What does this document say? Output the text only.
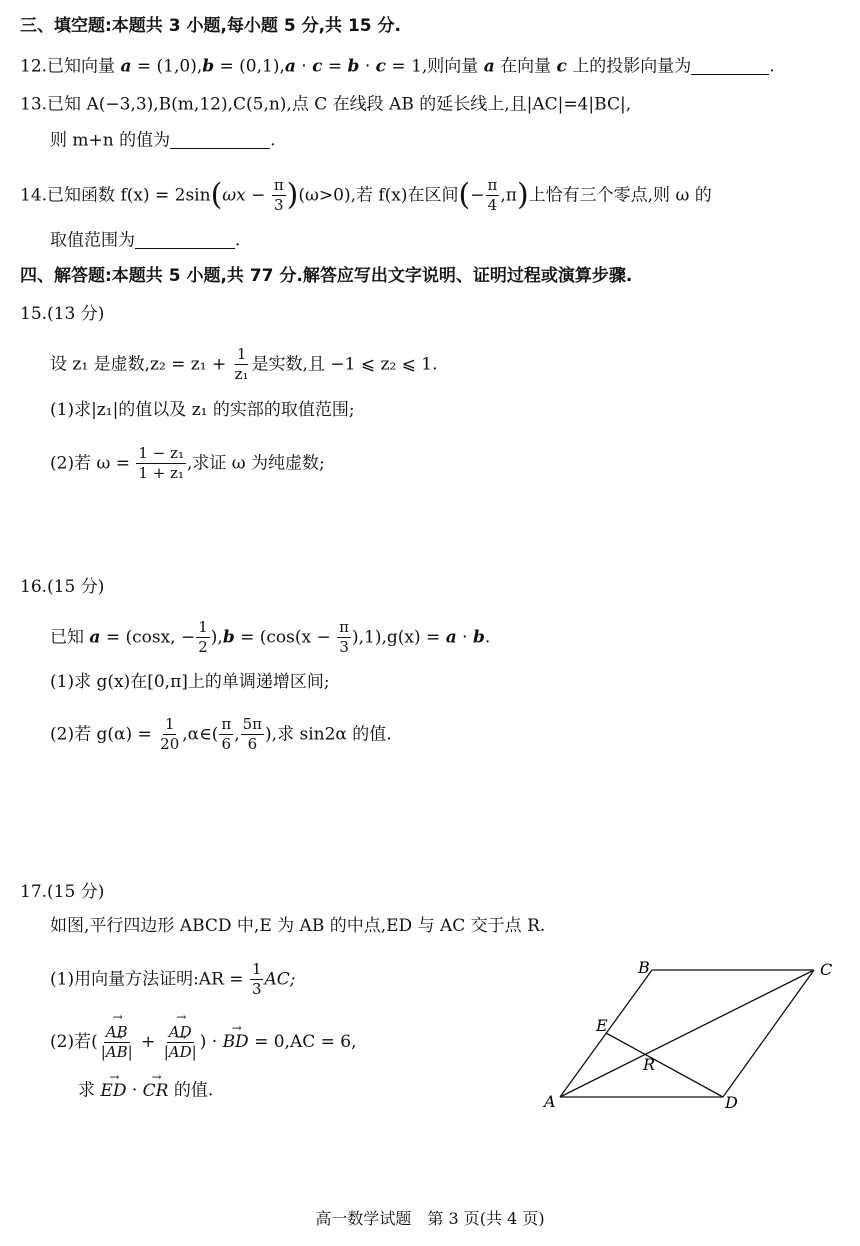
三、填空题:本题共 3 小题,每小题 5 分,共 15 分.
12.已知向量 a = (1,0),b = (0,1),a · c = b · c = 1,则向量 a 在向量 c 上的投影向量为	.
13.已知 A(−3,3),B(m,12),C(5,n),点 C 在线段 AB 的延长线上,且|AC|=4|BC|,
则 m+n 的值为	.
14.已知函数 $f(x) = 2\sin(\omega x - \frac{\pi}{3} )(\omega>0)$,若 f(x)在区间(− $\frac{\pi}{4} ,\pi$)上恰有三个零点,则 ω 的
取值范围为	.
四、解答题:本题共 5 小题,共 77 分.解答应写出文字说明、证明过程或演算步骤.
15.(13 分)
设 z₁ 是虚数$,z_2 = z_1 + \frac{1}{\text{z₁}}$ 是实数,且 −1 ⩽ z₂ ⩽ 1.
(1)求|z₁|的值以及 z₁ 的实部的取值范围;
(2)若 $\omega = \frac{\text{1 − z₁}}{\text{1 + z₁}}$ ,求证 ω 为纯虚数;
16.(15 分)
已知 a = (cosx, − $\frac{1}{2} ),b = (\cos(x - \frac{\pi}{3} ),1),g(x) = a \cdot b$.
(1)求 g(x)在[0,π]上的单调递增区间;
(2)若 $g(\alpha) = \frac{1}{20}$ ,α∈( $\frac{\pi}{6}$ , $\frac{5\pi}{6}$ ),求 sin2α 的值.
17.(15 分)
如图,平行四边形 ABCD 中,E 为 AB 的中点,ED 与 AC 交于点 R.
(1)用向量方法证明:AR = $\frac{1}{3}$ AC;
(2)若( → AB
→ |AB| + → AD
→ |AD| ) · → BD = 0,AC = 6,
求 → ED · → CR 的值.
A
B	C
D
E
R
高一数学试题　第 3 页(共 4 页)
